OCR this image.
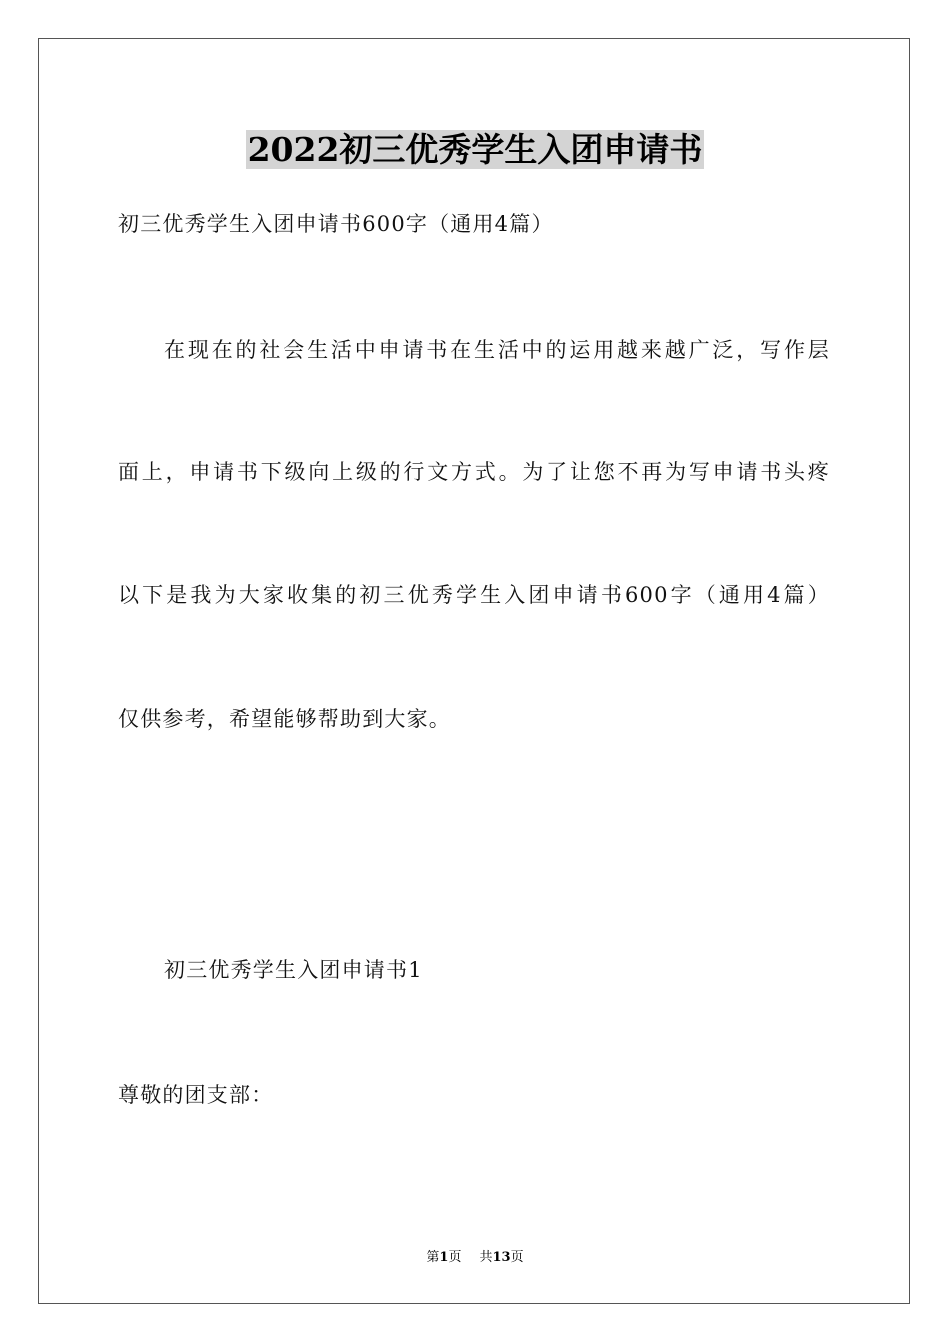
2022初三优秀学生入团申请书
初三优秀学生入团申请书600字（通用4篇）
在现在的社会生活中申请书在生活中的运用越来越广泛，写作层
面上，申请书下级向上级的行文方式。为了让您不再为写申请书头疼
以下是我为大家收集的初三优秀学生入团申请书600字（通用4篇）
仅供参考，希望能够帮助到大家。
初三优秀学生入团申请书1
尊敬的团支部：
第1页 共13页
